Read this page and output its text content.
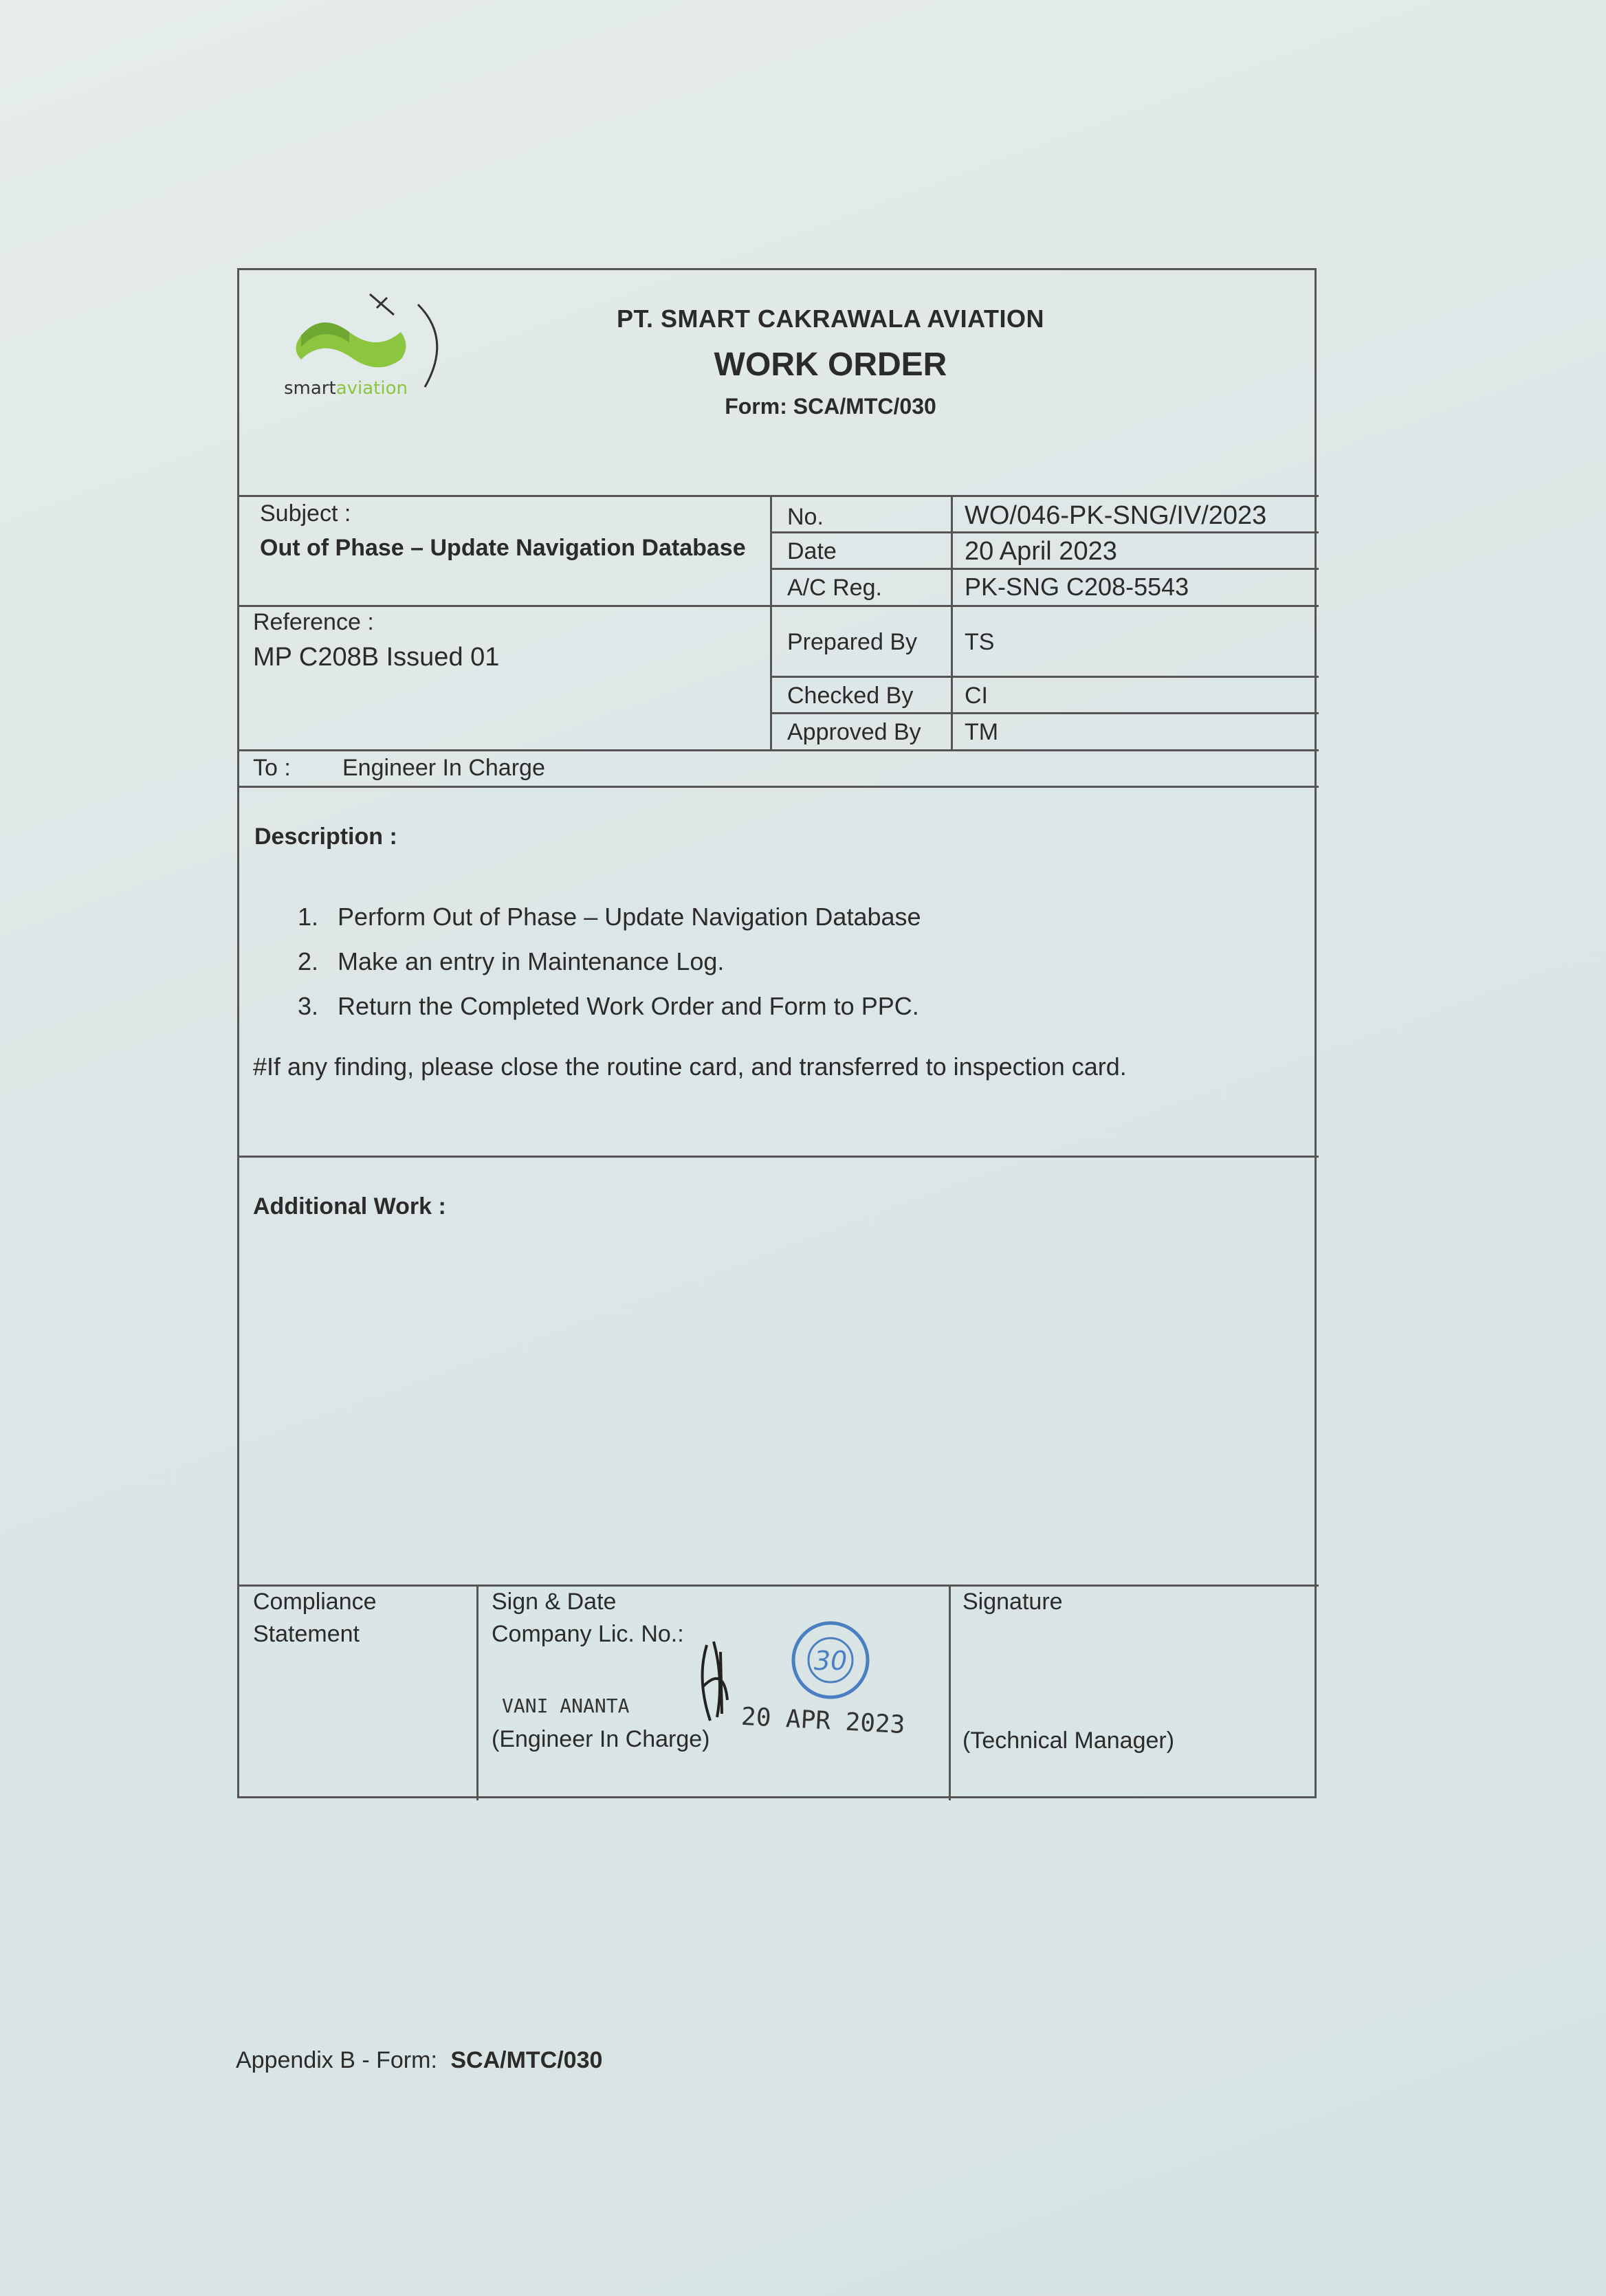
smartaviation
PT. SMART CAKRAWALA AVIATION
WORK ORDER
Form: SCA/MTC/030
Subject :
Out of Phase – Update Navigation Database
Reference :
MP C208B Issued 01
No.
Date
A/C Reg.
Prepared By
Checked By
Approved By
WO/046-PK-SNG/IV/2023
20 April 2023
PK-SNG C208-5543
TS
CI
TM
To : Engineer In Charge
Description :
1. Perform Out of Phase – Update Navigation Database
2. Make an entry in Maintenance Log.
3. Return the Completed Work Order and Form to PPC.
#If any finding, please close the routine card, and transferred to inspection card.
Additional Work :
Compliance
Statement
Sign & Date
Company Lic. No.:
30
VANI ANANTA
(Engineer In Charge) 20 APR 2023
Signature
(Technical Manager)
Appendix B - Form: SCA/MTC/030
